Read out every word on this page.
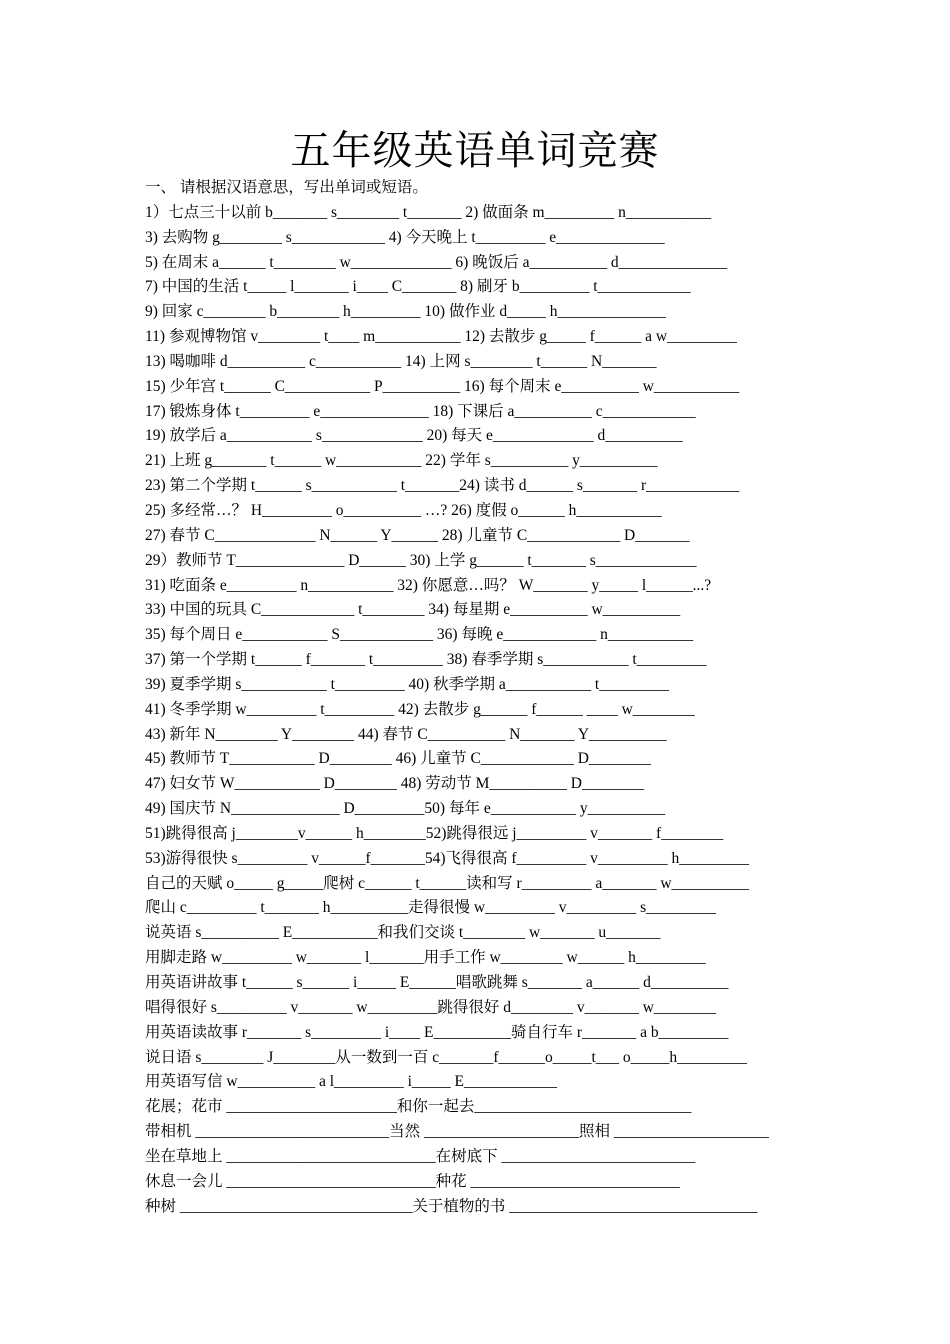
五年级英语单词竞赛
一、 请根据汉语意思，写出单词或短语。
1）七点三十以前 b_______ s________ t_______ 2) 做面条 m_________ n___________
3) 去购物 g________ s____________ 4) 今天晚上 t_________ e______________
5) 在周末 a______ t________ w_____________ 6) 晚饭后 a__________ d______________
7) 中国的生活 t_____ l_______ i____ C_______ 8) 刷牙 b_________ t____________
9) 回家 c________ b________ h_________ 10) 做作业 d_____ h______________
11) 参观博物馆 v________ t____ m___________ 12) 去散步 g_____ f______ a w_________
13) 喝咖啡 d__________ c___________ 14) 上网 s________ t______ N_______
15) 少年宫 t______ C___________ P__________ 16) 每个周末 e__________ w___________
17) 锻炼身体 t_________ e______________ 18) 下课后 a__________ c____________
19) 放学后 a___________ s_____________ 20) 每天 e_____________ d__________
21) 上班 g_______ t______ w___________ 22) 学年 s__________ y__________
23) 第二个学期 t______ s___________ t_______24) 读书 d______ s_______ r____________
25) 多经常…？ H_________ o__________ …? 26) 度假 o______ h___________
27) 春节 C_____________ N______ Y______ 28) 儿童节 C____________ D_______
29）教师节 T______________ D______ 30) 上学 g______ t_______ s_____________
31) 吃面条 e_________ n___________ 32) 你愿意…吗？ W_______ y_____ l______...?
33) 中国的玩具 C____________ t________ 34) 每星期 e__________ w__________
35) 每个周日 e___________ S____________ 36) 每晚 e____________ n___________
37) 第一个学期 t______ f_______ t_________ 38) 春季学期 s___________ t_________
39) 夏季学期 s___________ t_________ 40) 秋季学期 a___________ t_________
41) 冬季学期 w_________ t_________ 42) 去散步 g______ f______ ____ w________
43) 新年 N________ Y________ 44) 春节 C__________ N_______ Y__________
45) 教师节 T___________ D________ 46) 儿童节 C____________ D________
47) 妇女节 W___________ D________ 48) 劳动节 M__________ D________
49) 国庆节 N______________ D_________50) 每年 e___________ y__________
51)跳得很高 j________v______ h________52)跳得很远 j_________ v_______ f________
53)游得很快 s_________ v______f_______54)飞得很高 f_________ v_________ h_________
自己的天赋 o_____ g_____爬树 c______ t______读和写 r_________ a_______ w__________
爬山 c_________ t_______ h__________走得很慢 w_________ v_________ s_________
说英语 s__________ E___________和我们交谈 t________ w_______ u_______
用脚走路 w_________ w_______ l_______用手工作 w________ w______ h_________
用英语讲故事 t______ s______ i_____ E______唱歌跳舞 s_______ a______ d__________
唱得很好 s_________ v_______ w_________跳得很好 d________ v_______ w________
用英语读故事 r_______ s_________ i____ E__________骑自行车 r_______ a b_________
说日语 s________ J________从一数到一百 c_______f______o_____t___ o_____h_________
用英语写信 w__________ a l_________ i_____ E____________
花展；花市 ______________________和你一起去____________________________
带相机 _________________________当然 ____________________照相 ____________________
坐在草地上 ___________________________在树底下 _________________________
休息一会儿 ___________________________种花 ___________________________
种树 ______________________________关于植物的书 ________________________________
